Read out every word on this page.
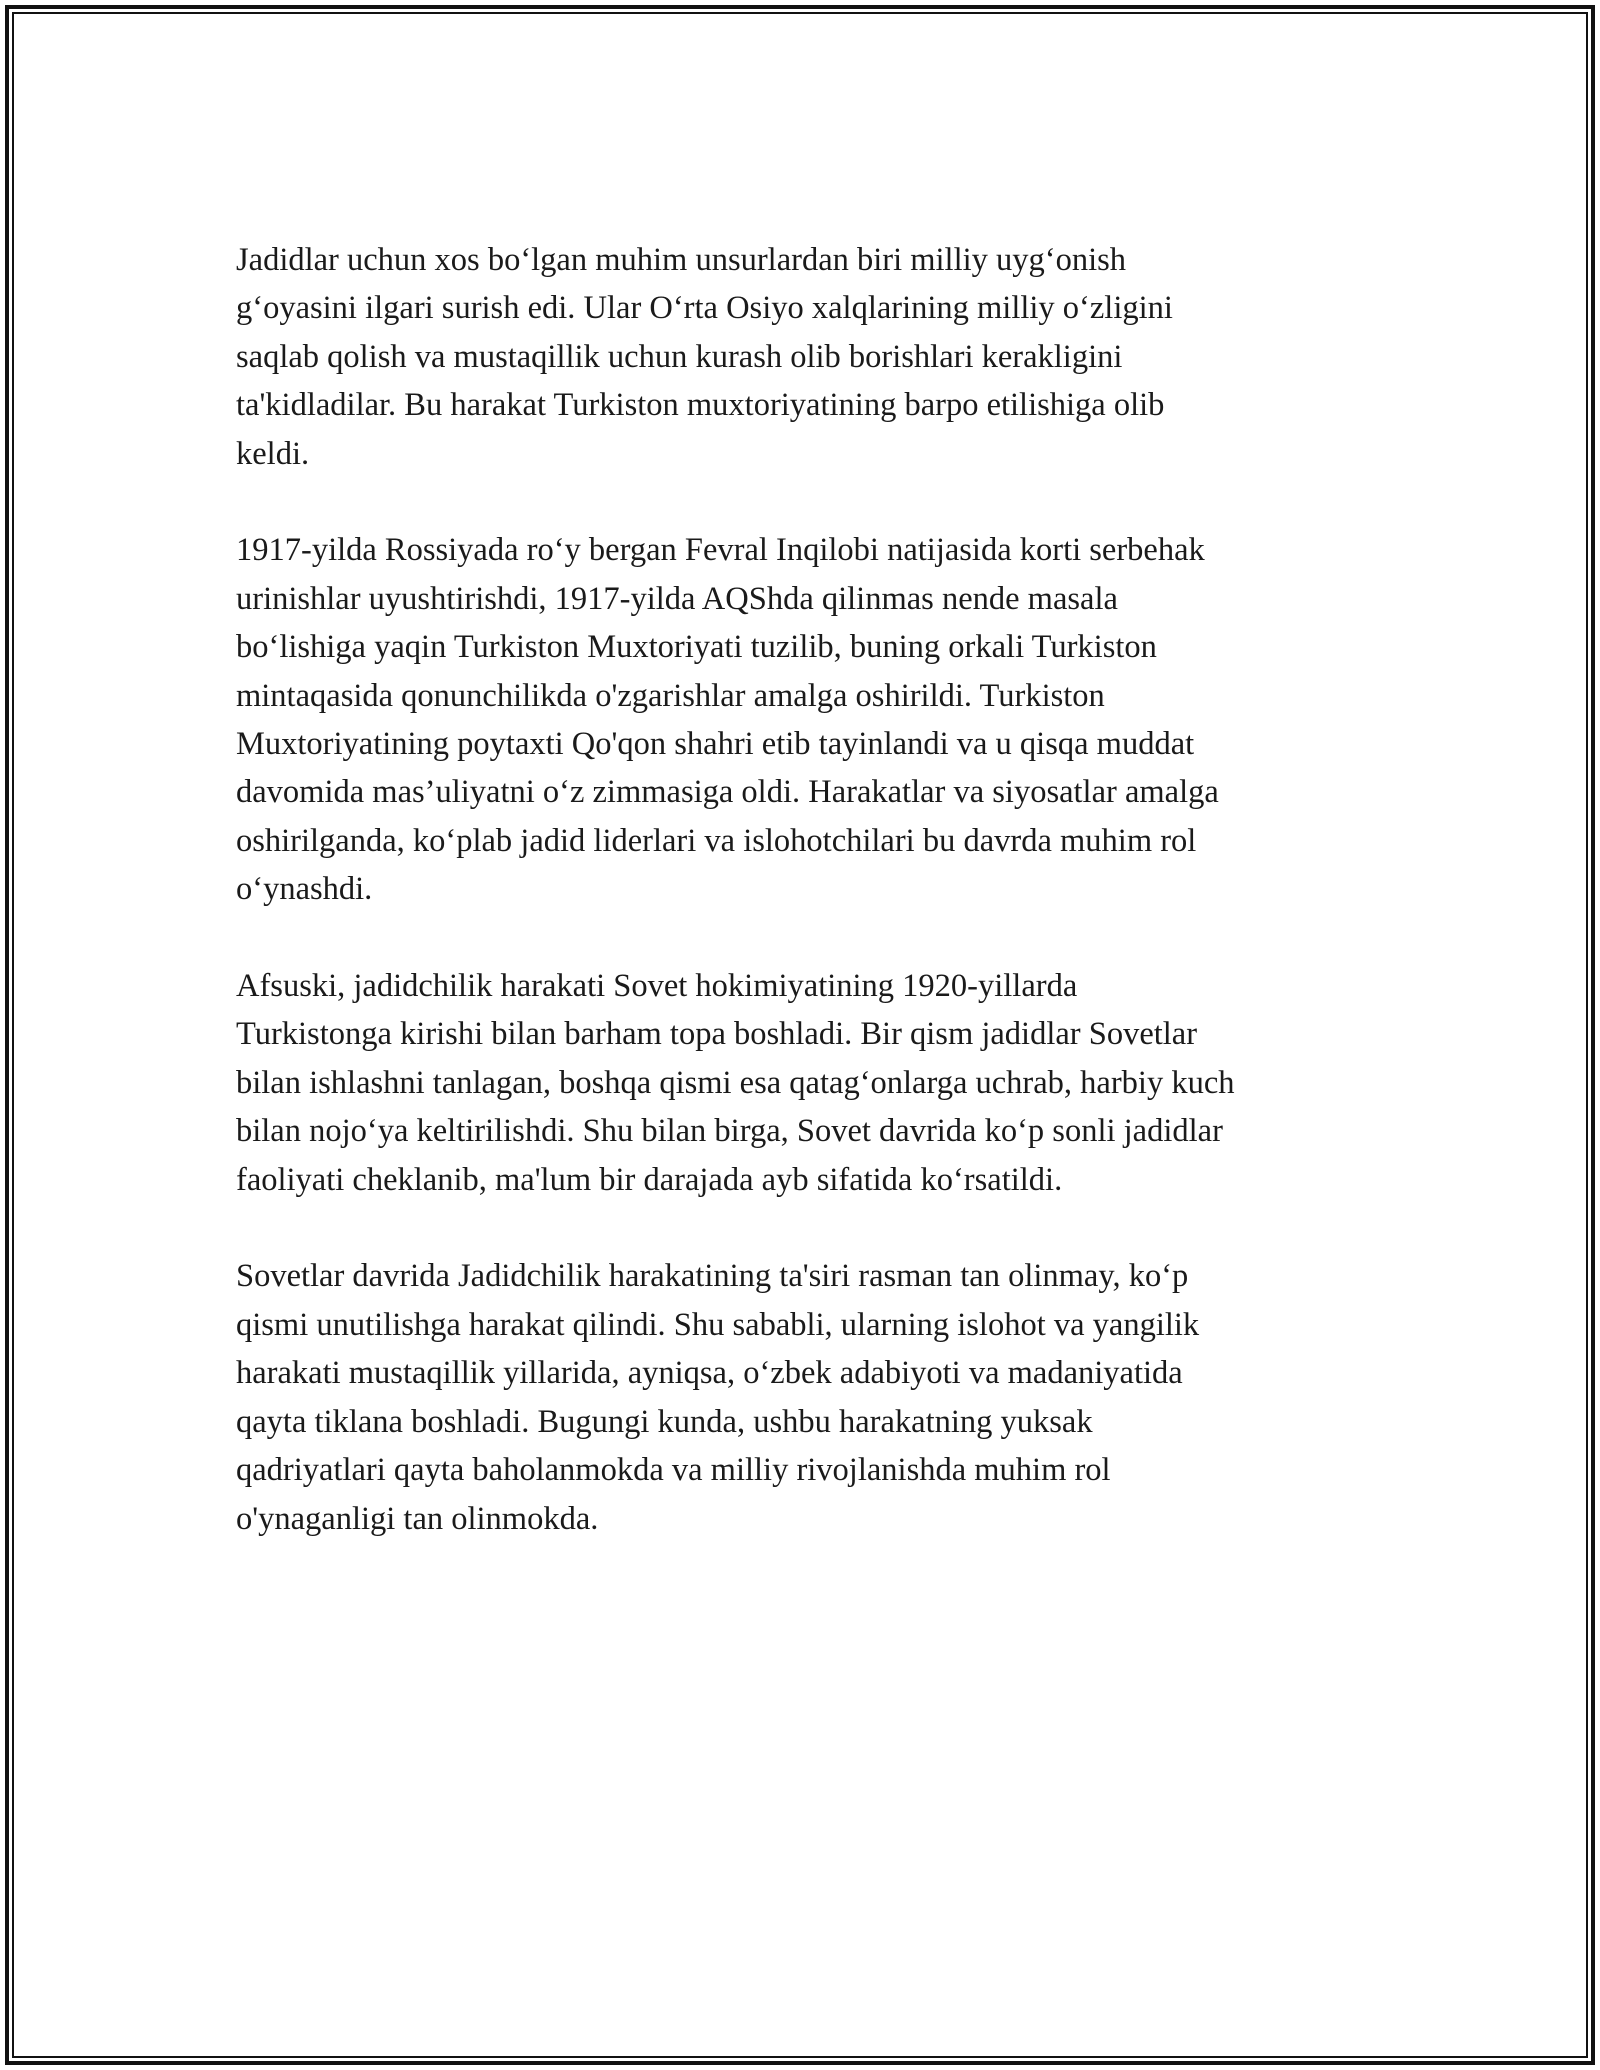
Jadidlar uchun xos bo‘lgan muhim unsurlardan biri milliy uyg‘onish
g‘oyasini ilgari surish edi. Ular O‘rta Osiyo xalqlarining milliy o‘zligini
saqlab qolish va mustaqillik uchun kurash olib borishlari kerakligini
ta'kidladilar. Bu harakat Turkiston muxtoriyatining barpo etilishiga olib
keldi.

1917-yilda Rossiyada ro‘y bergan Fevral Inqilobi natijasida korti serbehak
urinishlar uyushtirishdi, 1917-yilda AQShda qilinmas nende masala
bo‘lishiga yaqin Turkiston Muxtoriyati tuzilib, buning orkali Turkiston
mintaqasida qonunchilikda o'zgarishlar amalga oshirildi. Turkiston
Muxtoriyatining poytaxti Qo'qon shahri etib tayinlandi va u qisqa muddat
davomida mas’uliyatni o‘z zimmasiga oldi. Harakatlar va siyosatlar amalga
oshirilganda, ko‘plab jadid liderlari va islohotchilari bu davrda muhim rol
o‘ynashdi.

Afsuski, jadidchilik harakati Sovet hokimiyatining 1920-yillarda
Turkistonga kirishi bilan barham topa boshladi. Bir qism jadidlar Sovetlar
bilan ishlashni tanlagan, boshqa qismi esa qatag‘onlarga uchrab, harbiy kuch
bilan nojo‘ya keltirilishdi. Shu bilan birga, Sovet davrida ko‘p sonli jadidlar
faoliyati cheklanib, ma'lum bir darajada ayb sifatida ko‘rsatildi.

Sovetlar davrida Jadidchilik harakatining ta'siri rasman tan olinmay, ko‘p
qismi unutilishga harakat qilindi. Shu sababli, ularning islohot va yangilik
harakati mustaqillik yillarida, ayniqsa, o‘zbek adabiyoti va madaniyatida
qayta tiklana boshladi. Bugungi kunda, ushbu harakatning yuksak
qadriyatlari qayta baholanmokda va milliy rivojlanishda muhim rol
o'ynaganligi tan olinmokda.
